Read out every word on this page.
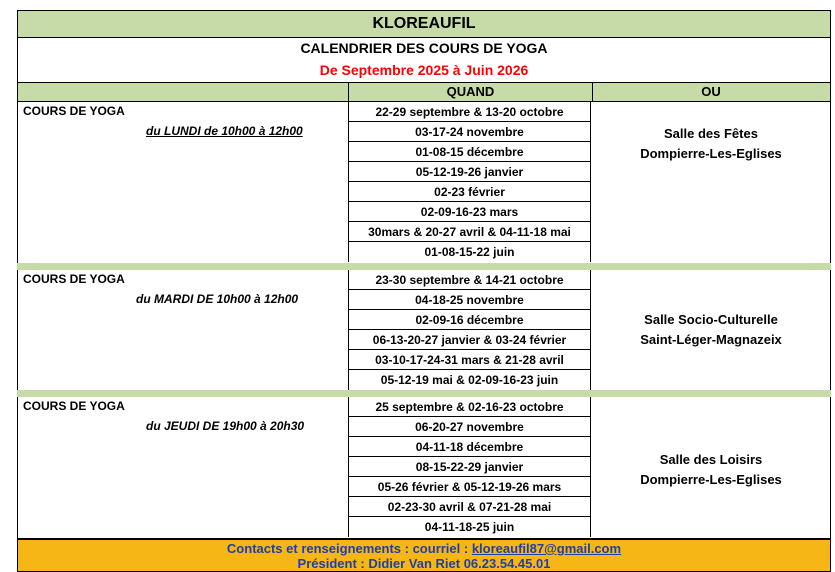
KLOREAUFIL
CALENDRIER DES COURS DE YOGA
De Septembre 2025 à Juin 2026
QUAND	OU
COURS DE YOGA
du LUNDI de 10h00 à 12h00
22-29 septembre & 13-20 octobre
03-17-24 novembre
01-08-15 décembre
05-12-19-26 janvier
02-23 février
02-09-16-23 mars
30mars & 20-27 avril & 04-11-18 mai
01-08-15-22 juin
Salle des Fêtes
Dompierre-Les-Eglises
COURS DE YOGA
du MARDI DE 10h00 à 12h00
23-30 septembre & 14-21 octobre
04-18-25 novembre
02-09-16 décembre
06-13-20-27 janvier & 03-24 février
03-10-17-24-31 mars & 21-28 avril
05-12-19 mai & 02-09-16-23 juin
Salle Socio-Culturelle
Saint-Léger-Magnazeix
COURS DE YOGA
du JEUDI DE 19h00 à 20h30
25 septembre & 02-16-23 octobre
06-20-27 novembre
04-11-18 décembre
08-15-22-29 janvier
05-26 février & 05-12-19-26 mars
02-23-30 avril & 07-21-28 mai
04-11-18-25 juin
Salle des Loisirs
Dompierre-Les-Eglises
Contacts et renseignements : courriel : kloreaufil87@gmail.com
Président : Didier Van Riet 06.23.54.45.01
